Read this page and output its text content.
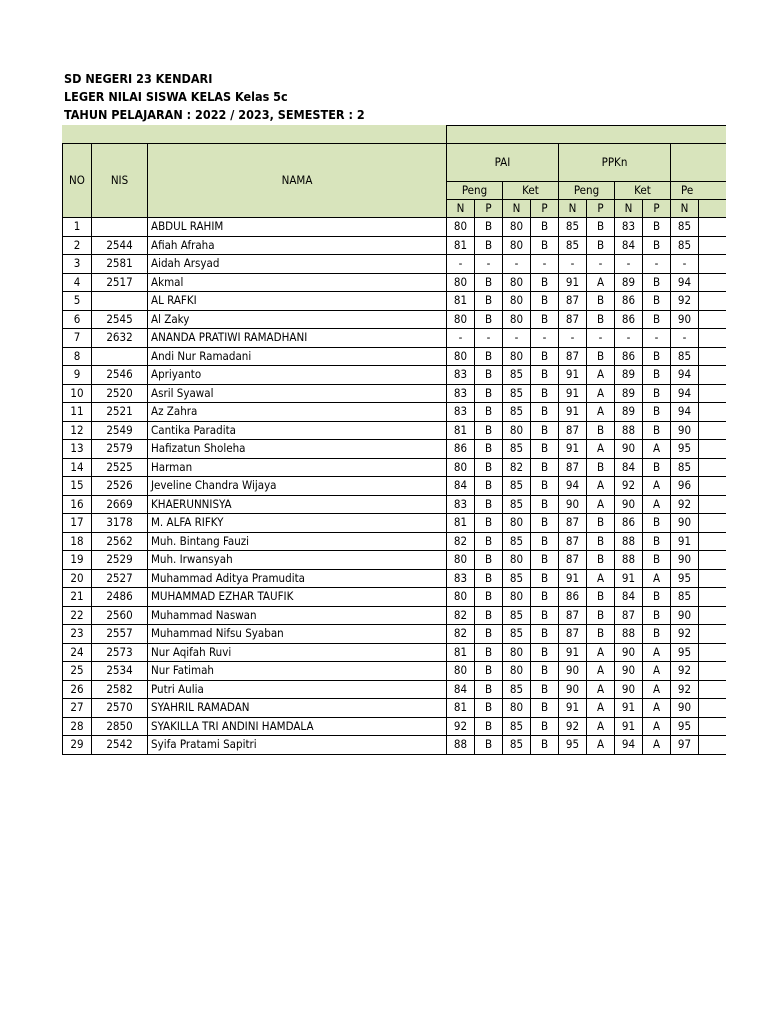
SD NEGERI 23 KENDARI
LEGER NILAI SISWA KELAS Kelas 5c
TAHUN PELAJARAN : 2022 / 2023, SEMESTER : 2

NO	NIS	NAMA	PAI				PPKn						
			Peng		Ket		Peng		Ket		Pe		
			N	P	N	P	N	P	N	P	N		
1		ABDUL RAHIM	80	B	80	B	85	B	83	B	85		
2	2544	Afiah Afraha	81	B	80	B	85	B	84	B	85		
3	2581	Aidah Arsyad	-	-	-	-	-	-	-	-	-		
4	2517	Akmal	80	B	80	B	91	A	89	B	94		
5		AL RAFKI	81	B	80	B	87	B	86	B	92		
6	2545	Al Zaky	80	B	80	B	87	B	86	B	90		
7	2632	ANANDA PRATIWI RAMADHANI	-	-	-	-	-	-	-	-	-		
8		Andi Nur Ramadani	80	B	80	B	87	B	86	B	85		
9	2546	Apriyanto	83	B	85	B	91	A	89	B	94		
10	2520	Asril Syawal	83	B	85	B	91	A	89	B	94		
11	2521	Az Zahra	83	B	85	B	91	A	89	B	94		
12	2549	Cantika Paradita	81	B	80	B	87	B	88	B	90		
13	2579	Hafizatun Sholeha	86	B	85	B	91	A	90	A	95		
14	2525	Harman	80	B	82	B	87	B	84	B	85		
15	2526	Jeveline Chandra Wijaya	84	B	85	B	94	A	92	A	96		
16	2669	KHAERUNNISYA	83	B	85	B	90	A	90	A	92		
17	3178	M. ALFA RIFKY	81	B	80	B	87	B	86	B	90		
18	2562	Muh. Bintang Fauzi	82	B	85	B	87	B	88	B	91		
19	2529	Muh. Irwansyah	80	B	80	B	87	B	88	B	90		
20	2527	Muhammad Aditya Pramudita	83	B	85	B	91	A	91	A	95		
21	2486	MUHAMMAD EZHAR TAUFIK	80	B	80	B	86	B	84	B	85		
22	2560	Muhammad Naswan	82	B	85	B	87	B	87	B	90		
23	2557	Muhammad Nifsu Syaban	82	B	85	B	87	B	88	B	92		
24	2573	Nur Aqifah Ruvi	81	B	80	B	91	A	90	A	95		
25	2534	Nur Fatimah	80	B	80	B	90	A	90	A	92		
26	2582	Putri Aulia	84	B	85	B	90	A	90	A	92		
27	2570	SYAHRIL RAMADAN	81	B	80	B	91	A	91	A	90		
28	2850	SYAKILLA TRI ANDINI HAMDALA	92	B	85	B	92	A	91	A	95		
29	2542	Syifa Pratami Sapitri	88	B	85	B	95	A	94	A	97		
